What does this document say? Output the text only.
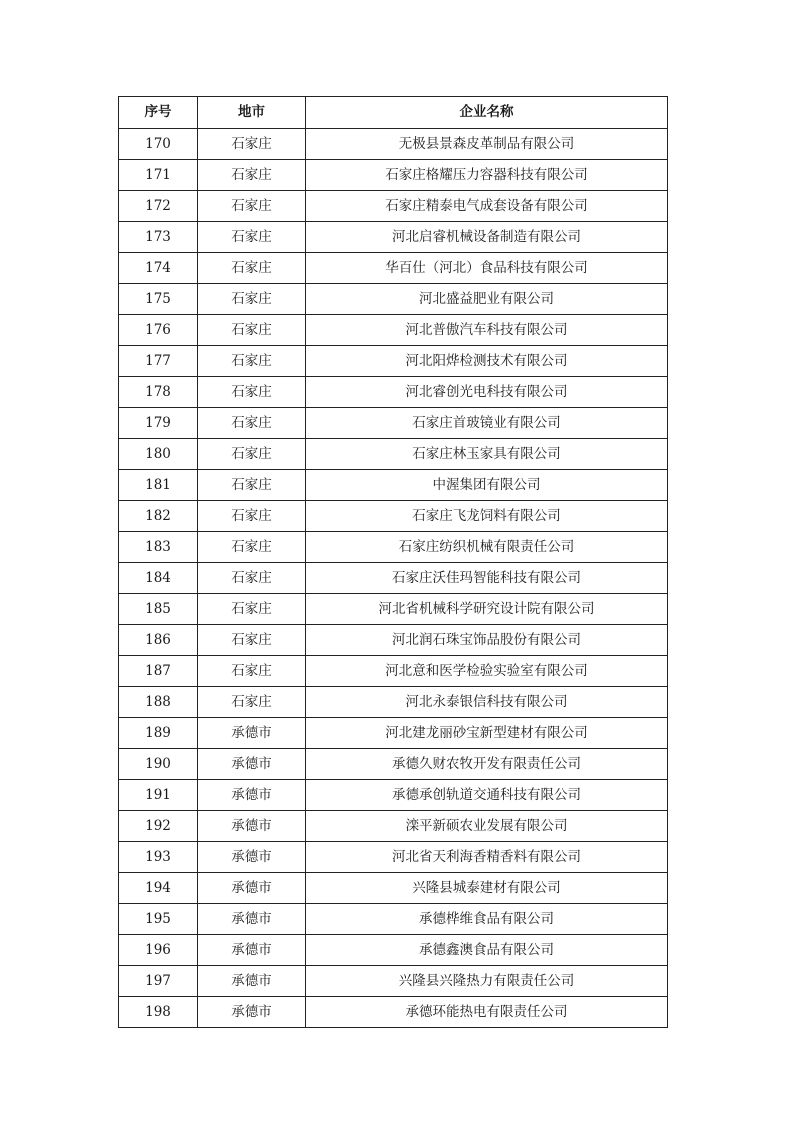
序号	地市	企业名称
170	石家庄	无极县景森皮革制品有限公司
171	石家庄	石家庄格耀压力容器科技有限公司
172	石家庄	石家庄精泰电气成套设备有限公司
173	石家庄	河北启睿机械设备制造有限公司
174	石家庄	华百仕（河北）食品科技有限公司
175	石家庄	河北盛益肥业有限公司
176	石家庄	河北普傲汽车科技有限公司
177	石家庄	河北阳烨检测技术有限公司
178	石家庄	河北睿创光电科技有限公司
179	石家庄	石家庄首玻镜业有限公司
180	石家庄	石家庄林玉家具有限公司
181	石家庄	中渥集团有限公司
182	石家庄	石家庄飞龙饲料有限公司
183	石家庄	石家庄纺织机械有限责任公司
184	石家庄	石家庄沃佳玛智能科技有限公司
185	石家庄	河北省机械科学研究设计院有限公司
186	石家庄	河北润石珠宝饰品股份有限公司
187	石家庄	河北意和医学检验实验室有限公司
188	石家庄	河北永泰银信科技有限公司
189	承德市	河北建龙丽砂宝新型建材有限公司
190	承德市	承德久财农牧开发有限责任公司
191	承德市	承德承创轨道交通科技有限公司
192	承德市	滦平新硕农业发展有限公司
193	承德市	河北省天利海香精香料有限公司
194	承德市	兴隆县城泰建材有限公司
195	承德市	承德桦维食品有限公司
196	承德市	承德鑫澳食品有限公司
197	承德市	兴隆县兴隆热力有限责任公司
198	承德市	承德环能热电有限责任公司
